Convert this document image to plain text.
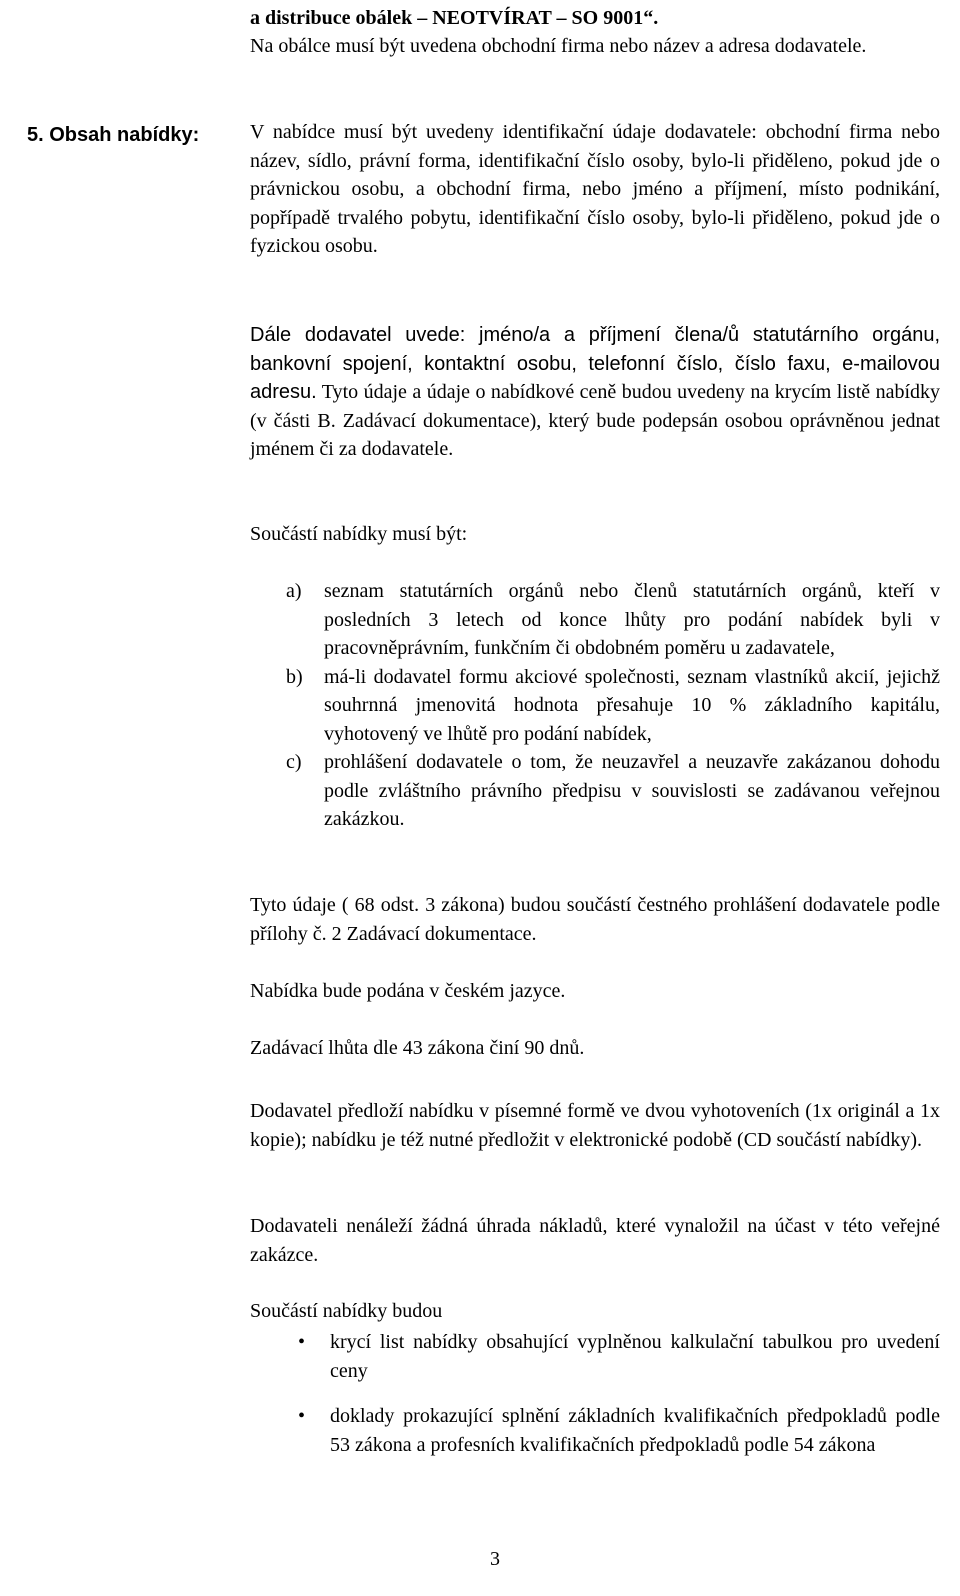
a distribuce obálek – NEOTVÍRAT – SO 9001“.

Na obálce musí být uvedena obchodní firma nebo název a adresa dodavatele.

5. Obsah nabídky:	V nabídce musí být uvedeny identifikační údaje dodavatele: obchodní firma nebo název, sídlo, právní forma, identifikační číslo osoby, bylo-li přiděleno, pokud jde o právnickou osobu, a obchodní firma, nebo jméno a příjmení, místo podnikání, popřípadě trvalého pobytu, identifikační číslo osoby, bylo-li přiděleno, pokud jde o fyzickou osobu.

Dále dodavatel uvede: jméno/a a příjmení člena/ů statutárního orgánu, bankovní spojení, kontaktní osobu, telefonní číslo, číslo faxu, e-mailovou adresu. Tyto údaje a údaje o nabídkové ceně budou uvedeny na krycím listě nabídky (v části B. Zadávací dokumentace), který bude podepsán osobou oprávněnou jednat jménem či za dodavatele.

Součástí nabídky musí být:

a) seznam statutárních orgánů nebo členů statutárních orgánů, kteří v posledních 3 letech od konce lhůty pro podání nabídek byli v pracovněprávním, funkčním či obdobném poměru u zadavatele,
b) má-li dodavatel formu akciové společnosti, seznam vlastníků akcií, jejichž souhrnná jmenovitá hodnota přesahuje 10 % základního kapitálu, vyhotovený ve lhůtě pro podání nabídek,
c) prohlášení dodavatele o tom, že neuzavřel a neuzavře zakázanou dohodu podle zvláštního právního předpisu v souvislosti se zadávanou veřejnou zakázkou.

Tyto údaje ( 68 odst. 3 zákona) budou součástí čestného prohlášení dodavatele podle přílohy č. 2 Zadávací dokumentace.

Nabídka bude podána v českém jazyce.

Zadávací lhůta dle 43 zákona činí 90 dnů.

Dodavatel předloží nabídku v písemné formě ve dvou vyhotoveních (1x originál a 1x kopie); nabídku je též nutné předložit v elektronické podobě (CD součástí nabídky).

Dodavateli nenáleží žádná úhrada nákladů, které vynaložil na účast v této veřejné zakázce.

Součástí nabídky budou

• krycí list nabídky obsahující vyplněnou kalkulační tabulkou pro uvedení ceny
• doklady prokazující splnění základních kvalifikačních předpokladů podle 53 zákona a profesních kvalifikačních předpokladů podle 54 zákona
3
